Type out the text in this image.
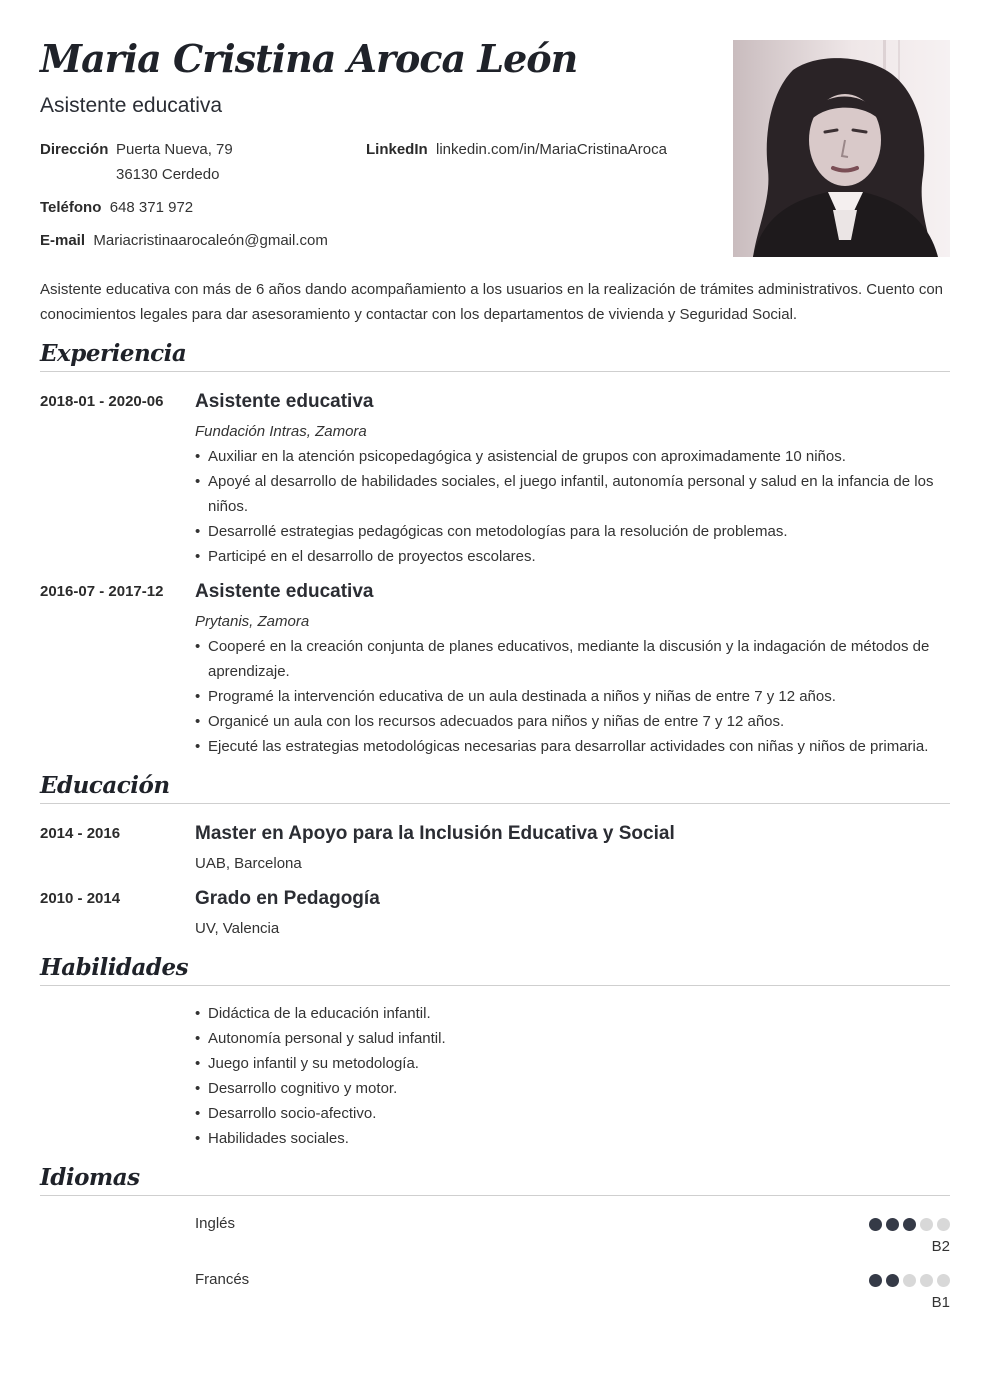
Maria Cristina Aroca León
Asistente educativa
Dirección Puerta Nueva, 79
36130 Cerdedo
LinkedIn linkedin.com/in/MariaCristinaAroca
Teléfono 648 371 972
E-mail Mariacristinaarocaleón@gmail.com

Asistente educativa con más de 6 años dando acompañamiento a los usuarios en la realización de trámites administrativos. Cuento con conocimientos legales para dar asesoramiento y contactar con los departamentos de vivienda y Seguridad Social.

Experiencia
2018-01 - 2020-06 Asistente educativa

Fundación Intras, Zamora

• Auxiliar en la atención psicopedagógica y asistencial de grupos con aproximadamente 10 niños.
• Apoyé al desarrollo de habilidades sociales, el juego infantil, autonomía personal y salud en la infancia de los niños.
• Desarrollé estrategias pedagógicas con metodologías para la resolución de problemas.
• Participé en el desarrollo de proyectos escolares.
2016-07 - 2017-12 Asistente educativa

Prytanis, Zamora

• Cooperé en la creación conjunta de planes educativos, mediante la discusión y la indagación de métodos de aprendizaje.
• Programé la intervención educativa de un aula destinada a niños y niñas de entre 7 y 12 años.
• Organicé un aula con los recursos adecuados para niños y niñas de entre 7 y 12 años.
• Ejecuté las estrategias metodológicas necesarias para desarrollar actividades con niñas y niños de primaria.
Educación
2014 - 2016	Master en Apoyo para la Inclusión Educativa y Social

UAB, Barcelona

2010 - 2014	Grado en Pedagogía

UV, Valencia

Habilidades
• Didáctica de la educación infantil.
• Autonomía personal y salud infantil.
• Juego infantil y su metodología.
• Desarrollo cognitivo y motor.
• Desarrollo socio-afectivo.
• Habilidades sociales.
Idiomas
Inglés
B2
Francés
B1
